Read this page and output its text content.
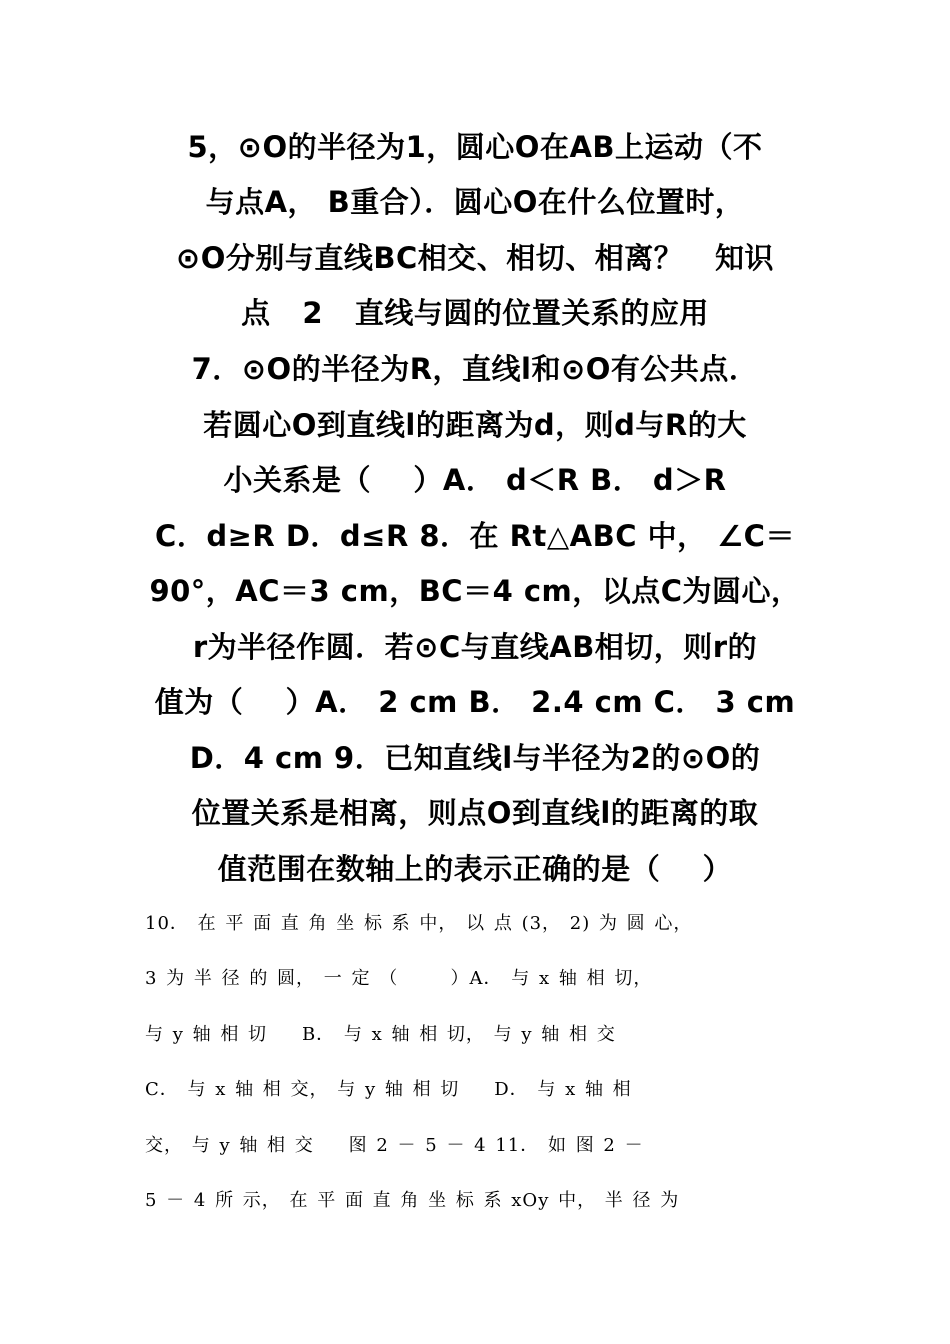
5，⊙O的半径为1，圆心O在AB上运动（不
与点A， B重合）．圆心O在什么位置时，
⊙O分别与直线BC相交、相切、相离？   知识
点   2   直线与圆的位置关系的应用
7．⊙O的半径为R，直线l和⊙O有公共点．
若圆心O到直线l的距离为d，则d与R的大
小关系是（    ）A． d＜R B． d＞R
C．d≥R D．d≤R 8．在 Rt△ABC 中， ∠C＝
90°，AC＝3 cm，BC＝4 cm，以点C为圆心，
r为半径作圆．若⊙C与直线AB相切，则r的
值为（    ）A． 2 cm B． 2.4 cm C． 3 cm
D．4 cm 9．已知直线l与半径为2的⊙O的
位置关系是相离，则点O到直线l的距离的取
值范围在数轴上的表示正确的是（    ）
10． 在 平 面 直 角 坐 标 系 中， 以 点 (3， 2) 为 圆 心，
3 为 半 径 的 圆， 一 定 （      ）A． 与 x 轴 相 切，
与 y 轴 相 切    B． 与 x 轴 相 切， 与 y 轴 相 交
C． 与 x 轴 相 交， 与 y 轴 相 切    D． 与 x 轴 相
交， 与 y 轴 相 交    图 2 － 5 － 4 11． 如 图 2 －
5 － 4 所 示， 在 平 面 直 角 坐 标 系 xOy 中， 半 径 为
